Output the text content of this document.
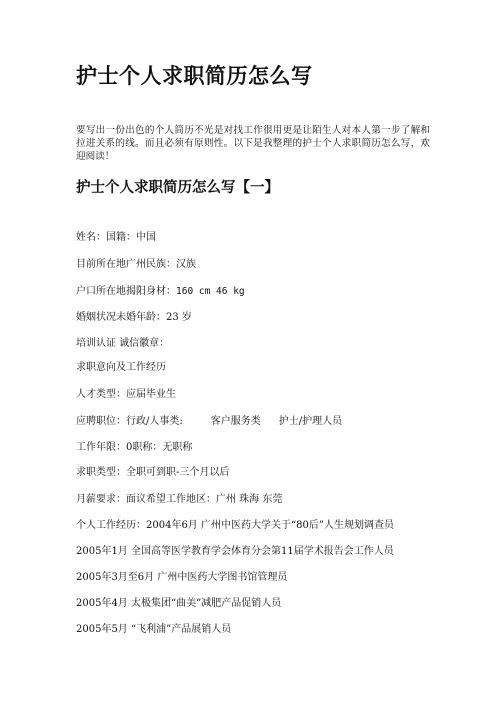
护士个人求职简历怎么写
要写出一份出色的个人简历不光是对找工作很用更是让陌生人对本人第一步了解和拉进关系的线。而且必须有原则性。以下是我整理的护士个人求职简历怎么写，欢迎阅读！
护士个人求职简历怎么写【一】
姓名：国籍：中国
目前所在地广州民族：汉族
户口所在地揭阳身材：160 cm 46 kg
婚姻状况未婚年龄：23 岁
培训认证 诚信徽章：
求职意向及工作经历
人才类型：应届毕业生
应聘职位：行政/人事类:	客户服务类 护士/护理人员
工作年限：0职称：无职称
求职类型：全职可到职-三个月以后
月薪要求：面议希望工作地区：广州 珠海 东莞
个人工作经历：2004年6月 广州中医药大学关于“80后”人生规划调查员
2005年1月 全国高等医学教育学会体育分会第11届学术报告会工作人员
2005年3月至6月 广州中医药大学图书馆管理员
2005年4月 太极集团“曲美”减肥产品促销人员
2005年5月 “飞利浦”产品展销人员
